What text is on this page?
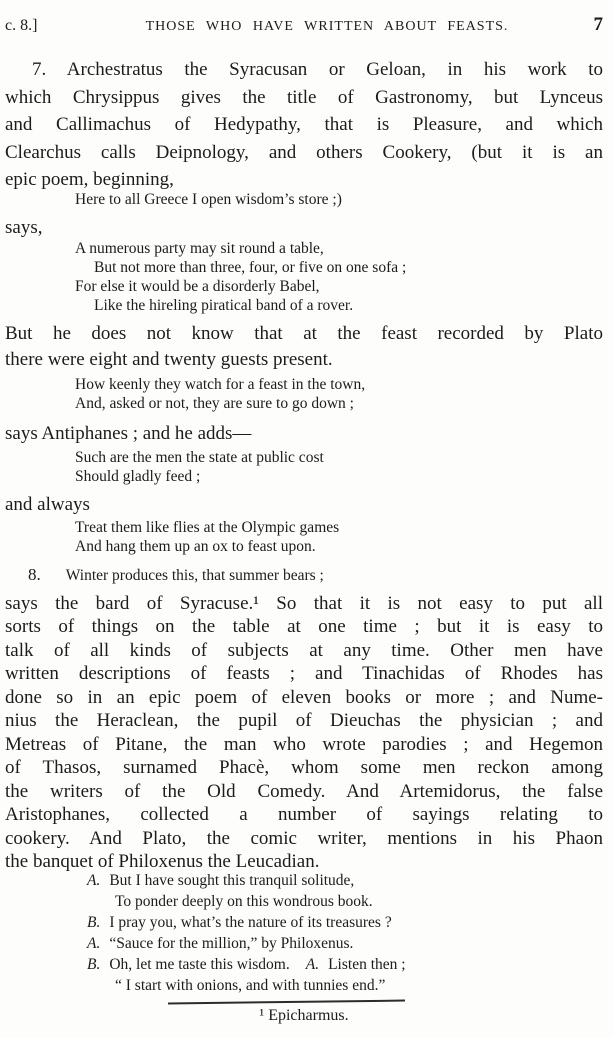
c. 8.]	THOSE WHO HAVE WRITTEN ABOUT FEASTS.	7
7. Archestratus the Syracusan or Geloan, in his work to
which Chrysippus gives the title of Gastronomy, but Lynceus
and Callimachus of Hedypathy, that is Pleasure, and which
Clearchus calls Deipnology, and others Cookery, (but it is an
epic poem, beginning,
Here to all Greece I open wisdom’s store ;)
says,
A numerous party may sit round a table,
But not more than three, four, or five on one sofa ;
For else it would be a disorderly Babel,
Like the hireling piratical band of a rover.
But he does not know that at the feast recorded by Plato
there were eight and twenty guests present.
How keenly they watch for a feast in the town,
And, asked or not, they are sure to go down ;
says Antiphanes ; and he adds—
Such are the men the state at public cost
Should gladly feed ;
and always
Treat them like flies at the Olympic games
And hang them up an ox to feast upon.
8. Winter produces this, that summer bears ;
says the bard of Syracuse.¹ So that it is not easy to put all
sorts of things on the table at one time ; but it is easy to
talk of all kinds of subjects at any time. Other men have
written descriptions of feasts ; and Tinachidas of Rhodes has
done so in an epic poem of eleven books or more ; and Nume-
nius the Heraclean, the pupil of Dieuchas the physician ; and
Metreas of Pitane, the man who wrote parodies ; and Hegemon
of Thasos, surnamed Phacè, whom some men reckon among
the writers of the Old Comedy. And Artemidorus, the false
Aristophanes, collected a number of sayings relating to
cookery. And Plato, the comic writer, mentions in his Phaon
the banquet of Philoxenus the Leucadian.
A. But I have sought this tranquil solitude,
To ponder deeply on this wondrous book.
B. I pray you, what’s the nature of its treasures ?
A. “Sauce for the million,” by Philoxenus.
B. Oh, let me taste this wisdom. A. Listen then ;
“ I start with onions, and with tunnies end.”
¹ Epicharmus.
